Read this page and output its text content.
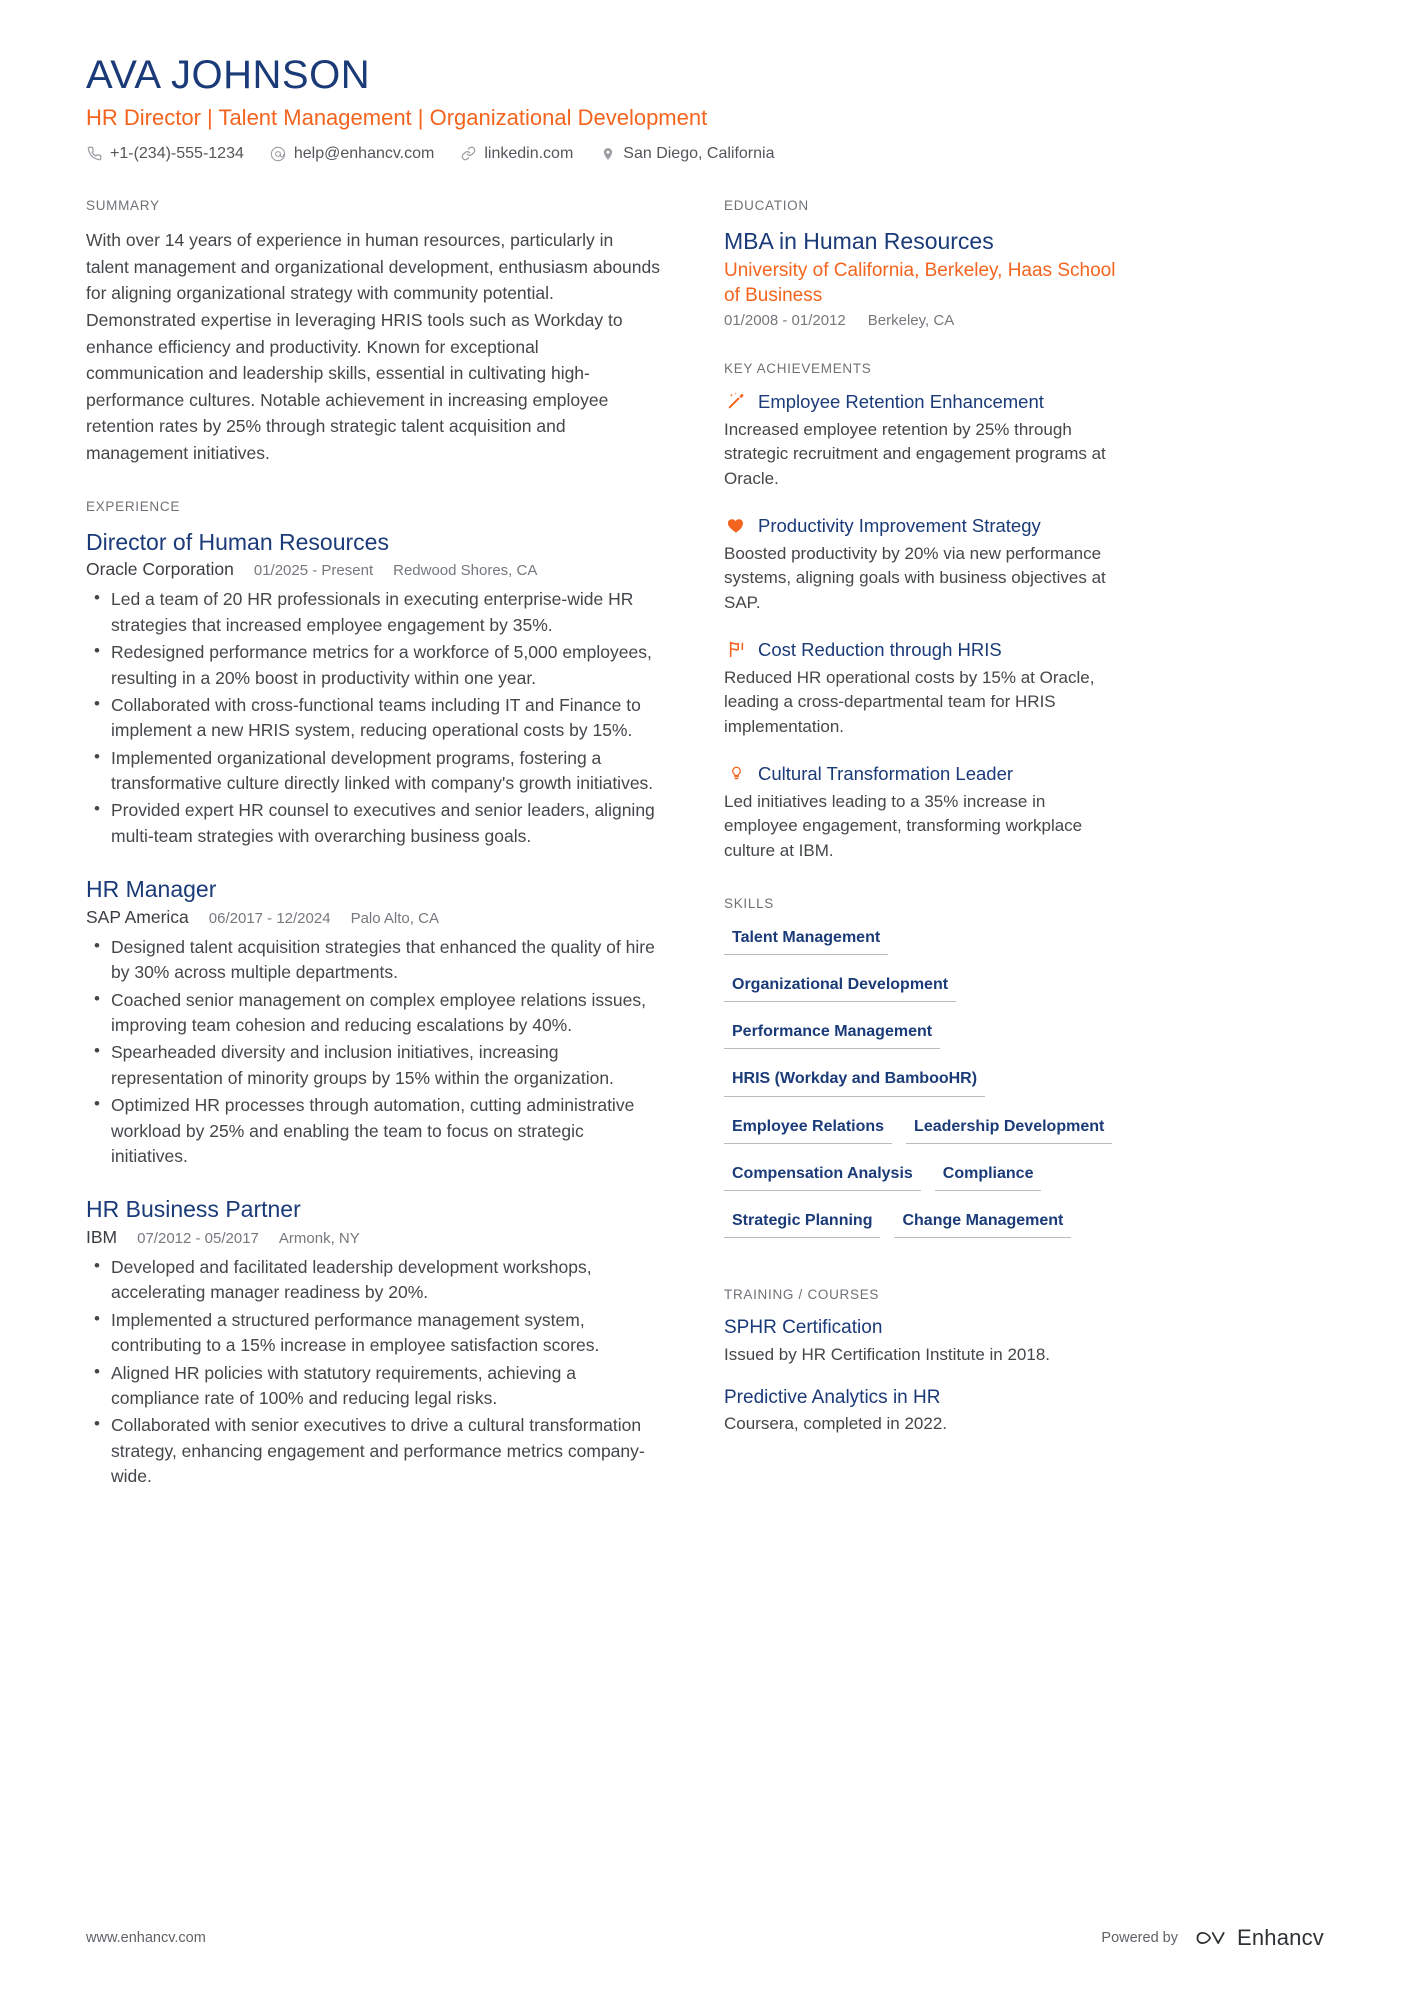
AVA JOHNSON
HR Director | Talent Management | Organizational Development
+1-(234)-555-1234	help@enhancv.com	linkedin.com	San Diego, California
SUMMARY

With over 14 years of experience in human resources, particularly in talent management and organizational development, enthusiasm abounds for aligning organizational strategy with community potential. Demonstrated expertise in leveraging HRIS tools such as Workday to enhance efficiency and productivity. Known for exceptional communication and leadership skills, essential in cultivating high-performance cultures. Notable achievement in increasing employee retention rates by 25% through strategic talent acquisition and management initiatives.

EXPERIENCE
Director of Human Resources
Oracle Corporation 01/2025 - Present Redwood Shores, CA
• Led a team of 20 HR professionals in executing enterprise-wide HR strategies that increased employee engagement by 35%.
• Redesigned performance metrics for a workforce of 5,000 employees, resulting in a 20% boost in productivity within one year.
• Collaborated with cross-functional teams including IT and Finance to implement a new HRIS system, reducing operational costs by 15%.
• Implemented organizational development programs, fostering a transformative culture directly linked with company's growth initiatives.
• Provided expert HR counsel to executives and senior leaders, aligning multi-team strategies with overarching business goals.
HR Manager
SAP America 06/2017 - 12/2024 Palo Alto, CA
• Designed talent acquisition strategies that enhanced the quality of hire by 30% across multiple departments.
• Coached senior management on complex employee relations issues, improving team cohesion and reducing escalations by 40%.
• Spearheaded diversity and inclusion initiatives, increasing representation of minority groups by 15% within the organization.
• Optimized HR processes through automation, cutting administrative workload by 25% and enabling the team to focus on strategic initiatives.
HR Business Partner
IBM 07/2012 - 05/2017 Armonk, NY
• Developed and facilitated leadership development workshops, accelerating manager readiness by 20%.
• Implemented a structured performance management system, contributing to a 15% increase in employee satisfaction scores.
• Aligned HR policies with statutory requirements, achieving a compliance rate of 100% and reducing legal risks.
• Collaborated with senior executives to drive a cultural transformation strategy, enhancing engagement and performance metrics company-wide.
EDUCATION
MBA in Human Resources
University of California, Berkeley, Haas School of Business
01/2008 - 01/2012 Berkeley, CA
KEY ACHIEVEMENTS
Employee Retention Enhancement
Increased employee retention by 25% through strategic recruitment and engagement programs at Oracle.
Productivity Improvement Strategy
Boosted productivity by 20% via new performance systems, aligning goals with business objectives at SAP.
Cost Reduction through HRIS
Reduced HR operational costs by 15% at Oracle, leading a cross-departmental team for HRIS implementation.
Cultural Transformation Leader
Led initiatives leading to a 35% increase in employee engagement, transforming workplace culture at IBM.
SKILLS
Talent Management
Organizational Development
Performance Management
HRIS (Workday and BambooHR)
Employee Relations	Leadership Development
Compensation Analysis	Compliance
Strategic Planning	Change Management
TRAINING / COURSES
SPHR Certification
Issued by HR Certification Institute in 2018.
Predictive Analytics in HR
Coursera, completed in 2022.
www.enhancv.com	Powered by	Enhancv
